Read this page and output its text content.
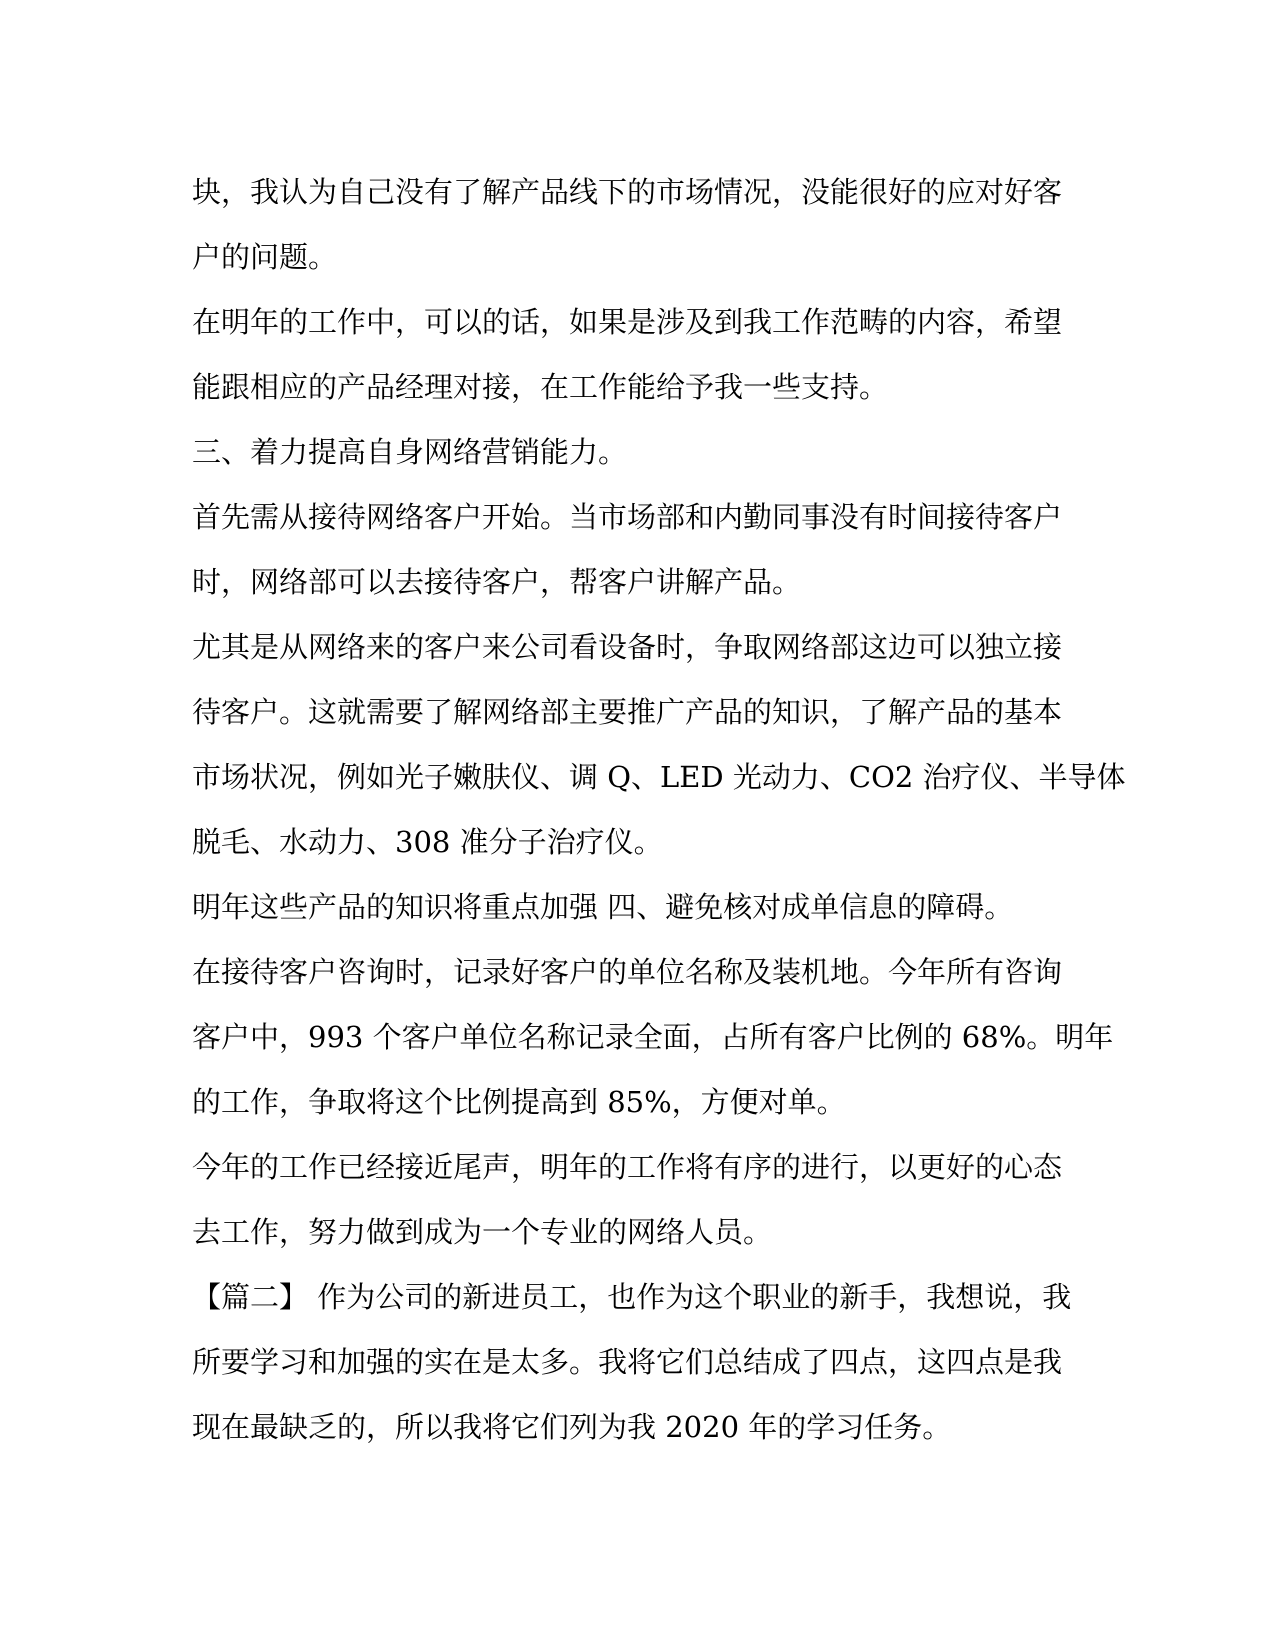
块，我认为自己没有了解产品线下的市场情况，没能很好的应对好客
户的问题。
在明年的工作中，可以的话，如果是涉及到我工作范畴的内容，希望
能跟相应的产品经理对接，在工作能给予我一些支持。
三、着力提高自身网络营销能力。
首先需从接待网络客户开始。当市场部和内勤同事没有时间接待客户
时，网络部可以去接待客户，帮客户讲解产品。
尤其是从网络来的客户来公司看设备时，争取网络部这边可以独立接
待客户。这就需要了解网络部主要推广产品的知识，了解产品的基本
市场状况，例如光子嫩肤仪、调 Q、LED 光动力、CO2 治疗仪、半导体
脱毛、水动力、308 准分子治疗仪。
明年这些产品的知识将重点加强 四、避免核对成单信息的障碍。
在接待客户咨询时，记录好客户的单位名称及装机地。今年所有咨询
客户中，993 个客户单位名称记录全面，占所有客户比例的 68%。明年
的工作，争取将这个比例提高到 85%，方便对单。
今年的工作已经接近尾声，明年的工作将有序的进行，以更好的心态
去工作，努力做到成为一个专业的网络人员。
【篇二】 作为公司的新进员工，也作为这个职业的新手，我想说，我
所要学习和加强的实在是太多。我将它们总结成了四点，这四点是我
现在最缺乏的，所以我将它们列为我 2020 年的学习任务。
